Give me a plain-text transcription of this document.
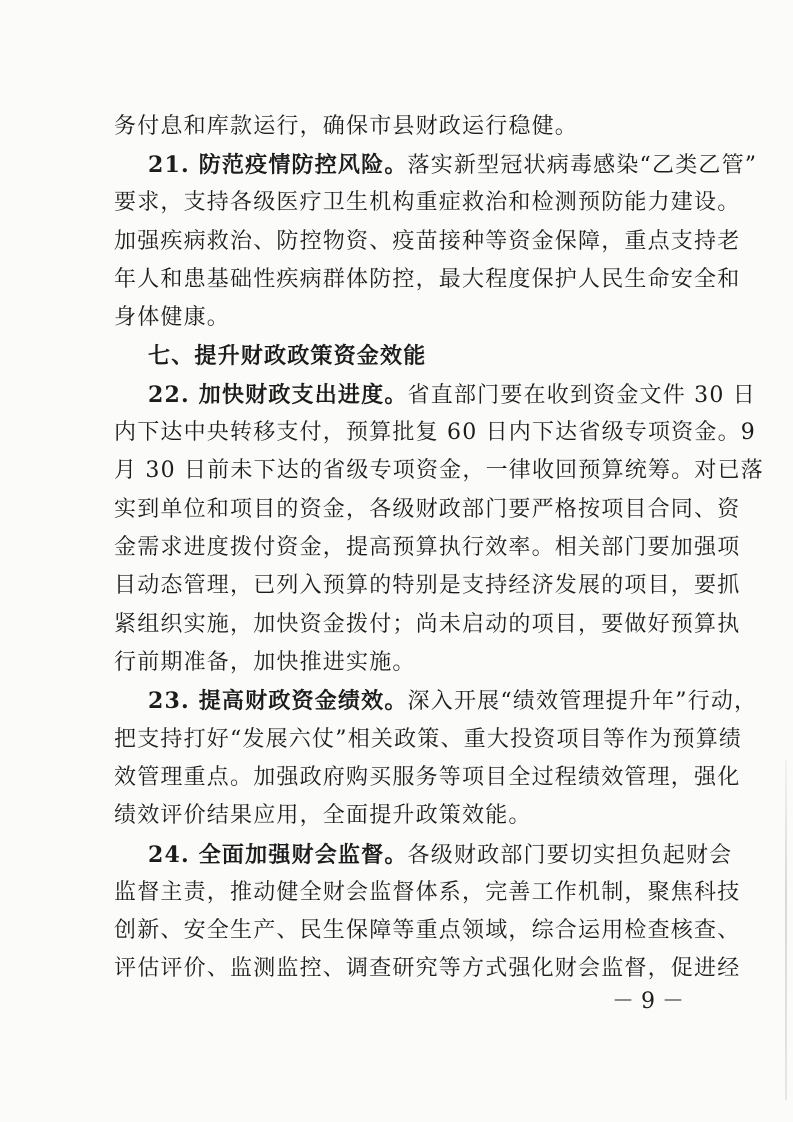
务付息和库款运行，确保市县财政运行稳健。
21. 防范疫情防控风险。落实新型冠状病毒感染“乙类乙管”
要求，支持各级医疗卫生机构重症救治和检测预防能力建设。
加强疾病救治、防控物资、疫苗接种等资金保障，重点支持老
年人和患基础性疾病群体防控，最大程度保护人民生命安全和
身体健康。
七、提升财政政策资金效能
22. 加快财政支出进度。省直部门要在收到资金文件 30 日
内下达中央转移支付，预算批复 60 日内下达省级专项资金。9
月 30 日前未下达的省级专项资金，一律收回预算统筹。对已落
实到单位和项目的资金，各级财政部门要严格按项目合同、资
金需求进度拨付资金，提高预算执行效率。相关部门要加强项
目动态管理，已列入预算的特别是支持经济发展的项目，要抓
紧组织实施，加快资金拨付；尚未启动的项目，要做好预算执
行前期准备，加快推进实施。
23. 提高财政资金绩效。深入开展“绩效管理提升年”行动，
把支持打好“发展六仗”相关政策、重大投资项目等作为预算绩
效管理重点。加强政府购买服务等项目全过程绩效管理，强化
绩效评价结果应用，全面提升政策效能。
24. 全面加强财会监督。各级财政部门要切实担负起财会
监督主责，推动健全财会监督体系，完善工作机制，聚焦科技
创新、安全生产、民生保障等重点领域，综合运用检查核查、
评估评价、监测监控、调查研究等方式强化财会监督，促进经
－ 9 －
